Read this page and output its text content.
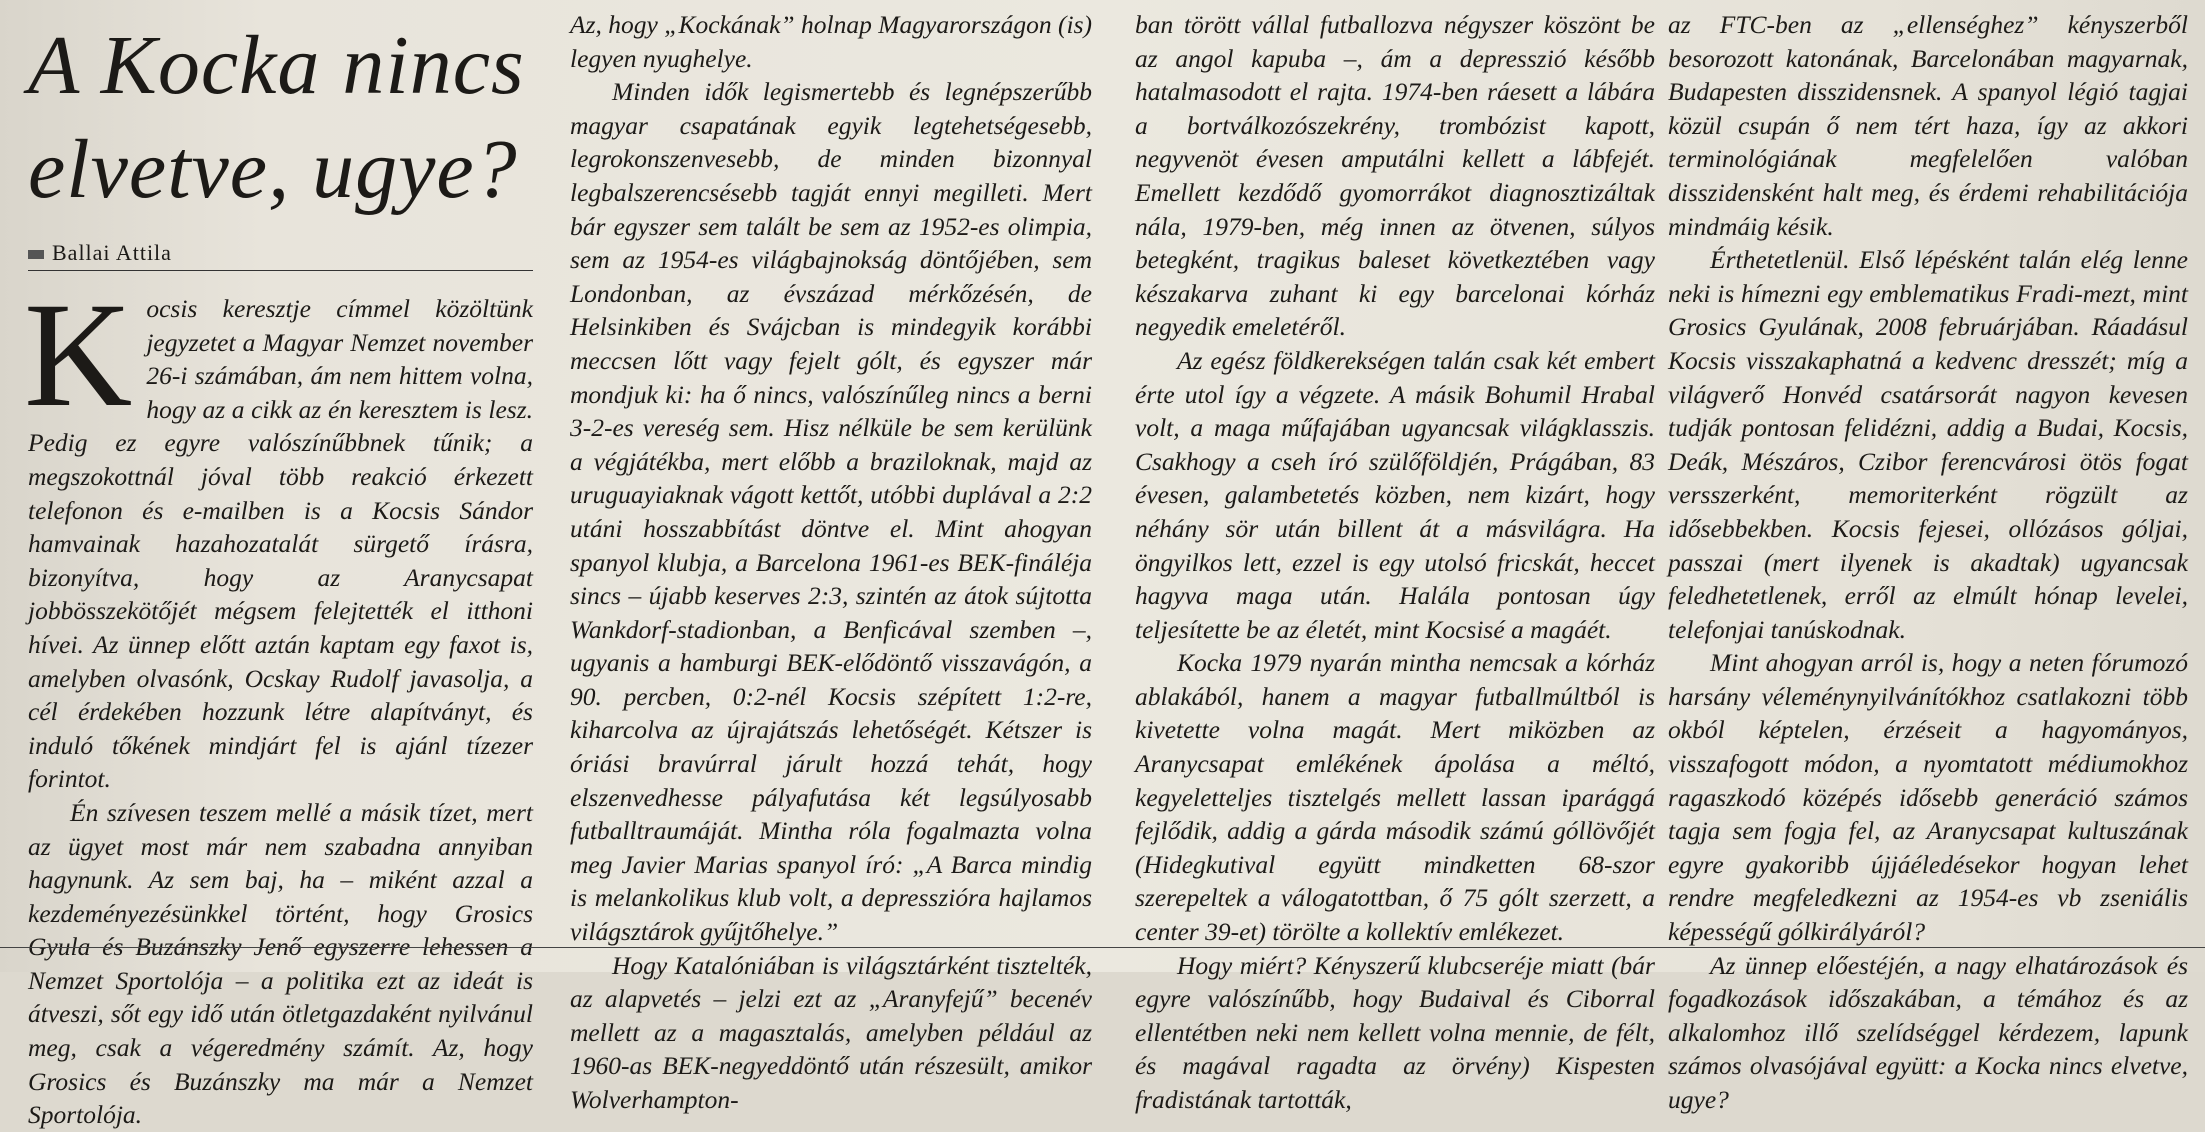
A Kocka nincs elvetve, ugye?
Ballai Attila

Kocsis keresztje címmel közöltünk jegyzetet a Magyar Nemzet november 26-i számában, ám nem hittem volna, hogy az a cikk az én keresztem is lesz. Pedig ez egyre valószínűbbnek tűnik; a megszokottnál jóval több reakció érkezett telefonon és e-mailben is a Kocsis Sándor hamvainak hazahozatalát sürgető írásra, bizonyítva, hogy az Aranycsapat jobbösszekötőjét mégsem felejtették el itthoni hívei. Az ünnep előtt aztán kaptam egy faxot is, amelyben olvasónk, Ocskay Rudolf javasolja, a cél érdekében hozzunk létre alapítványt, és induló tőkének mindjárt fel is ajánl tízezer forintot.

Én szívesen teszem mellé a másik tízet, mert az ügyet most már nem szabadna annyiban hagynunk. Az sem baj, ha – miként azzal a kezdeményezésünkkel történt, hogy Grosics Gyula és Buzánszky Jenő egyszerre lehessen a Nemzet Sportolója – a politika ezt az ideát is átveszi, sőt egy idő után ötletgazdaként nyilvánul meg, csak a végeredmény számít. Az, hogy Grosics és Buzánszky ma már a Nemzet Sportolója.

Az, hogy „Kockának” holnap Magyarországon (is) legyen nyughelye.

Minden idők legismertebb és legnépszerűbb magyar csapatának egyik legtehetségesebb, legrokonszenvesebb, de minden bizonnyal legbalszerencsésebb tagját ennyi megilleti. Mert bár egyszer sem talált be sem az 1952-es olimpia, sem az 1954-es világbajnokság döntőjében, sem Londonban, az évszázad mérkőzésén, de Helsinkiben és Svájcban is mindegyik korábbi meccsen lőtt vagy fejelt gólt, és egyszer már mondjuk ki: ha ő nincs, valószínűleg nincs a berni 3-2-es vereség sem. Hisz nélküle be sem kerülünk a végjátékba, mert előbb a braziloknak, majd az uruguayiaknak vágott kettőt, utóbbi duplával a 2:2 utáni hosszabbítást döntve el. Mint ahogyan spanyol klubja, a Barcelona 1961-es BEK-fináléja sincs – újabb keserves 2:3, szintén az átok sújtotta Wankdorf-stadionban, a Benficával szemben –, ugyanis a hamburgi BEK-elődöntő visszavágón, a 90. percben, 0:2-nél Kocsis szépített 1:2-re, kiharcolva az újrajátszás lehetőségét. Kétszer is óriási bravúrral járult hozzá tehát, hogy elszenvedhesse pályafutása két legsúlyosabb futballtraumáját. Mintha róla fogalmazta volna meg Javier Marias spanyol író: „A Barca mindig is melankolikus klub volt, a depresszióra hajlamos világsztárok gyűjtőhelye.”

Hogy Katalóniában is világsztárként tisztelték, az alapvetés – jelzi ezt az „Aranyfejű” becenév mellett az a magasztalás, amelyben például az 1960-as BEK-negyeddöntő után részesült, amikor Wolverhampton-

ban törött vállal futballozva négyszer köszönt be az angol kapuba –, ám a depresszió később hatalmasodott el rajta. 1974-ben ráesett a lábára a bortválkozószekrény, trombózist kapott, negyvenöt évesen amputálni kellett a lábfejét. Emellett kezdődő gyomorrákot diagnosztizáltak nála, 1979-ben, még innen az ötvenen, súlyos betegként, tragikus baleset következtében vagy készakarva zuhant ki egy barcelonai kórház negyedik emeletéről.

Az egész földkerekségen talán csak két embert érte utol így a végzete. A másik Bohumil Hrabal volt, a maga műfajában ugyancsak világklasszis. Csakhogy a cseh író szülőföldjén, Prágában, 83 évesen, galambetetés közben, nem kizárt, hogy néhány sör után billent át a másvilágra. Ha öngyilkos lett, ezzel is egy utolsó fricskát, heccet hagyva maga után. Halála pontosan úgy teljesítette be az életét, mint Kocsisé a magáét.

Kocka 1979 nyarán mintha nemcsak a kórház ablakából, hanem a magyar futballmúltból is kivetette volna magát. Mert miközben az Aranycsapat emlékének ápolása a méltó, kegyeletteljes tisztelgés mellett lassan iparággá fejlődik, addig a gárda második számú góllövőjét (Hidegkutival együtt mindketten 68-szor szerepeltek a válogatottban, ő 75 gólt szerzett, a center 39-et) törölte a kollektív emlékezet.

Hogy miért? Kényszerű klubcseréje miatt (bár egyre valószínűbb, hogy Budaival és Ciborral ellentétben neki nem kellett volna mennie, de félt, és magával ragadta az örvény) Kispesten fradistának tartották,

az FTC-ben az „ellenséghez” kényszerből besorozott katonának, Barcelonában magyarnak, Budapesten disszidensnek. A spanyol légió tagjai közül csupán ő nem tért haza, így az akkori terminológiának megfelelően valóban disszidensként halt meg, és érdemi rehabilitációja mindmáig késik.

Érthetetlenül. Első lépésként talán elég lenne neki is hímezni egy emblematikus Fradi-mezt, mint Grosics Gyulának, 2008 februárjában. Ráadásul Kocsis visszakaphatná a kedvenc dresszét; míg a világverő Honvéd csatársorát nagyon kevesen tudják pontosan felidézni, addig a Budai, Kocsis, Deák, Mészáros, Czibor ferencvárosi ötös fogat versszerként, memoriterként rögzült az idősebbekben. Kocsis fejesei, ollózásos góljai, passzai (mert ilyenek is akadtak) ugyancsak feledhetetlenek, erről az elmúlt hónap levelei, telefonjai tanúskodnak.

Mint ahogyan arról is, hogy a neten fórumozó harsány véleménynyilvánítókhoz csatlakozni több okból képtelen, érzéseit a hagyományos, visszafogott módon, a nyomtatott médiumokhoz ragaszkodó középés idősebb generáció számos tagja sem fogja fel, az Aranycsapat kultuszának egyre gyakoribb újjáéledésekor hogyan lehet rendre megfeledkezni az 1954-es vb zseniális képességű gólkirályáról?

Az ünnep előestéjén, a nagy elhatározások és fogadkozások időszakában, a témához és az alkalomhoz illő szelídséggel kérdezem, lapunk számos olvasójával együtt: a Kocka nincs elvetve, ugye?
